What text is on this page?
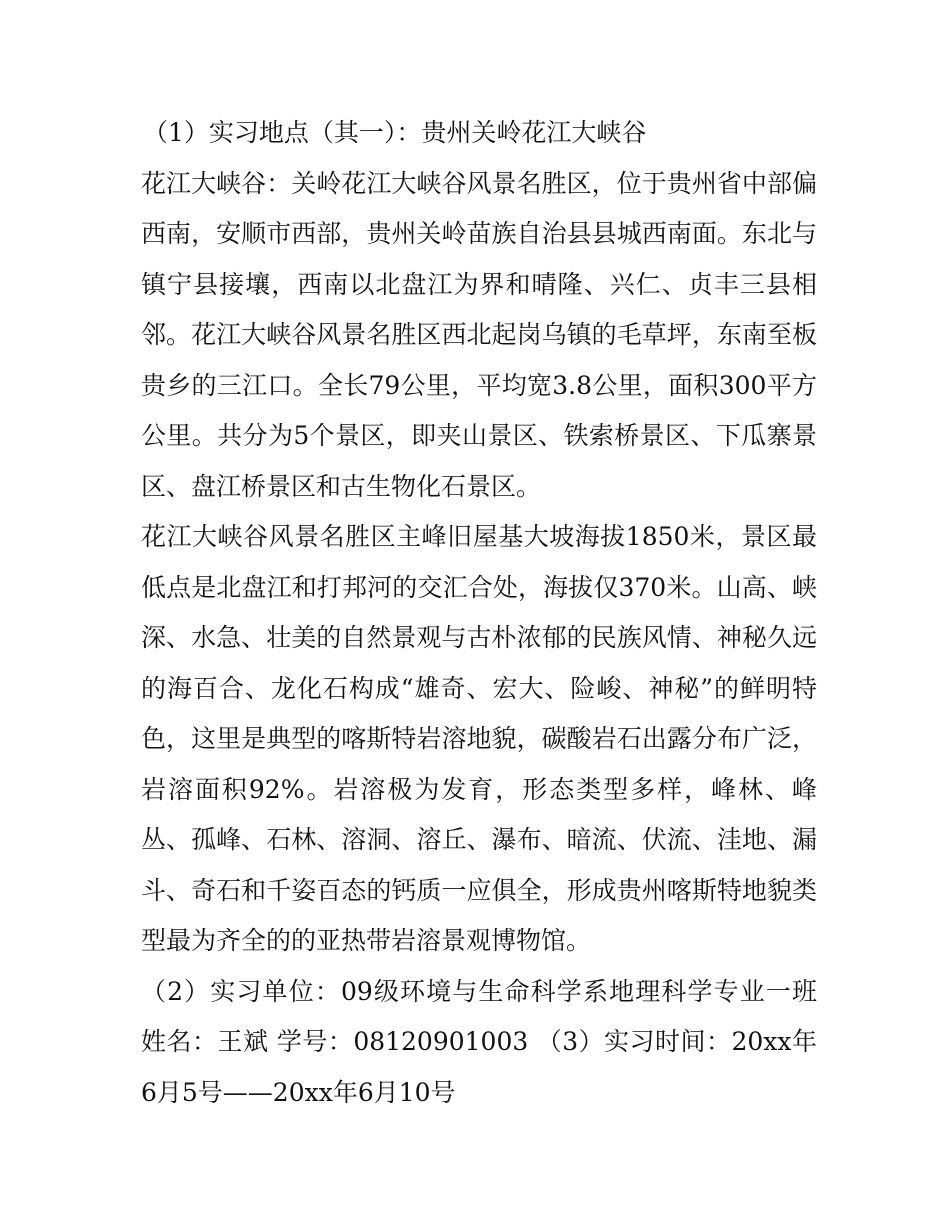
（1）实习地点（其一）：贵州关岭花江大峡谷

花江大峡谷：关岭花江大峡谷风景名胜区，位于贵州省中部偏西南，安顺市西部，贵州关岭苗族自治县县城西南面。东北与镇宁县接壤，西南以北盘江为界和晴隆、兴仁、贞丰三县相邻。花江大峡谷风景名胜区西北起岗乌镇的毛草坪，东南至板贵乡的三江口。全长79公里，平均宽3.8公里，面积300平方公里。共分为5个景区，即夹山景区、铁索桥景区、下瓜寨景区、盘江桥景区和古生物化石景区。

花江大峡谷风景名胜区主峰旧屋基大坡海拔1850米，景区最低点是北盘江和打邦河的交汇合处，海拔仅370米。山高、峡深、水急、壮美的自然景观与古朴浓郁的民族风情、神秘久远的海百合、龙化石构成“雄奇、宏大、险峻、神秘”的鲜明特色，这里是典型的喀斯特岩溶地貌，碳酸岩石出露分布广泛，岩溶面积92%。岩溶极为发育，形态类型多样，峰林、峰丛、孤峰、石林、溶洞、溶丘、瀑布、暗流、伏流、洼地、漏斗、奇石和千姿百态的钙质一应俱全，形成贵州喀斯特地貌类型最为齐全的的亚热带岩溶景观博物馆。

（2）实习单位：09级环境与生命科学系地理科学专业一班 姓名：王斌 学号：08120901003 （3）实习时间：20xx年6月5号——20xx年6月10号
